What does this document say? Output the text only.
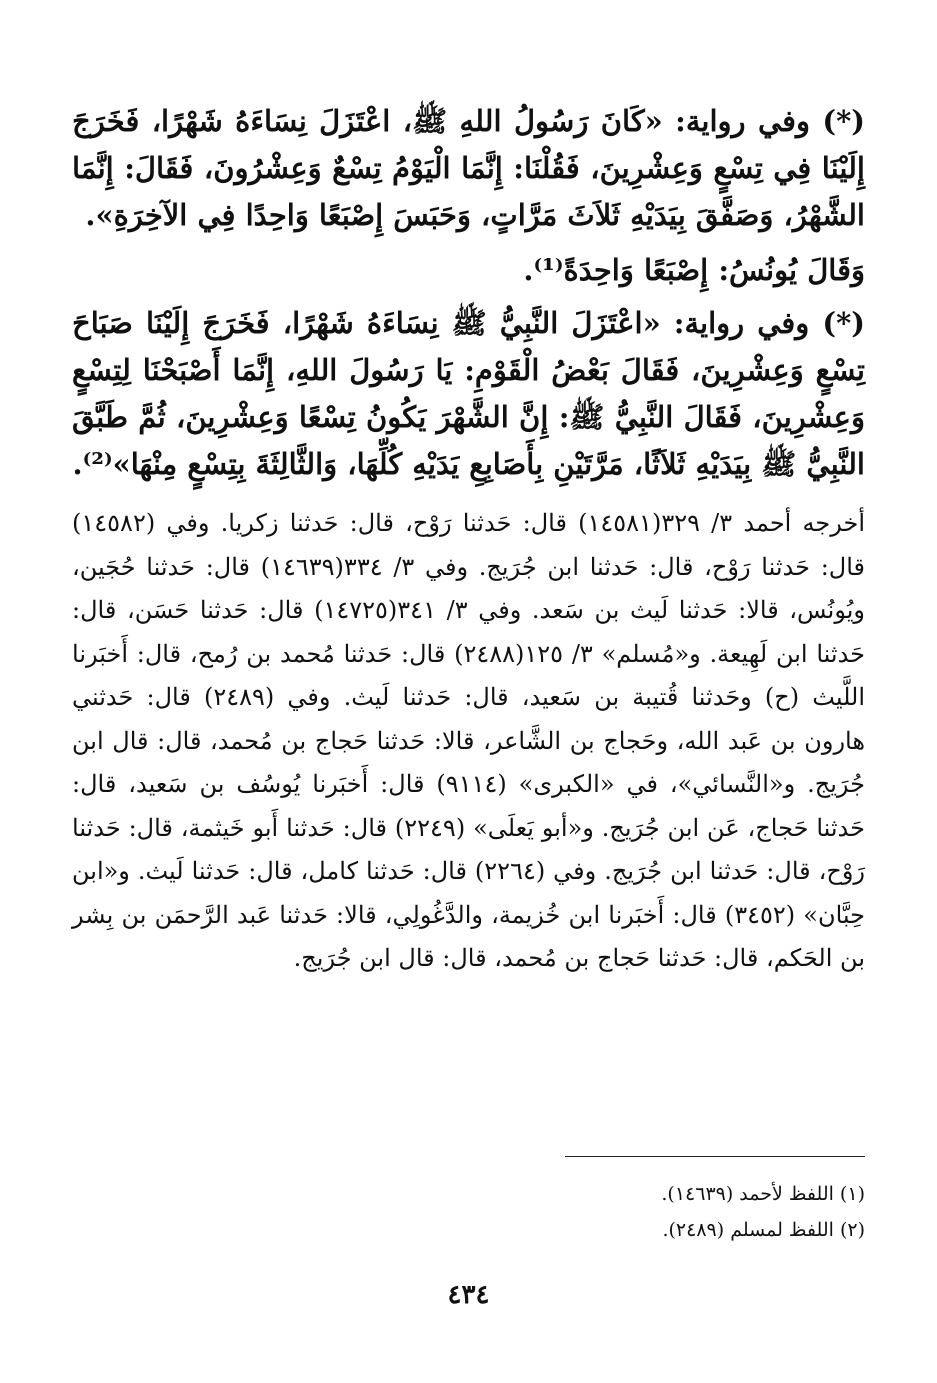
(*) وفي رواية: «كَانَ رَسُولُ اللهِ ﷺ، اعْتَزَلَ نِسَاءَهُ شَهْرًا، فَخَرَجَ إِلَيْنَا فِي تِسْعٍ وَعِشْرِينَ، فَقُلْنَا: إِنَّمَا الْيَوْمُ تِسْعٌ وَعِشْرُونَ، فَقَالَ: إِنَّمَا الشَّهْرُ، وَصَفَّقَ بِيَدَيْهِ ثَلاَثَ مَرَّاتٍ، وَحَبَسَ إِصْبَعًا وَاحِدًا فِي الآخِرَةِ».

وَقَالَ يُونُسُ: إِصْبَعًا وَاحِدَةً⁽¹⁾.

(*) وفي رواية: «اعْتَزَلَ النَّبِيُّ ﷺ نِسَاءَهُ شَهْرًا، فَخَرَجَ إِلَيْنَا صَبَاحَ تِسْعٍ وَعِشْرِينَ، فَقَالَ بَعْضُ الْقَوْمِ: يَا رَسُولَ اللهِ، إِنَّمَا أَصْبَحْنَا لِتِسْعٍ وَعِشْرِينَ، فَقَالَ النَّبِيُّ ﷺ: إِنَّ الشَّهْرَ يَكُونُ تِسْعًا وَعِشْرِينَ، ثُمَّ طَبَّقَ النَّبِيُّ ﷺ بِيَدَيْهِ ثَلاَثًا، مَرَّتَيْنِ بِأَصَابِعِ يَدَيْهِ كُلِّهَا، وَالثَّالِثَةَ بِتِسْعٍ مِنْهَا»⁽²⁾.

أخرجه أحمد ٣/ ٣٢٩(١٤٥٨١) قال: حَدثنا رَوْح، قال: حَدثنا زكريا. وفي (١٤٥٨٢) قال: حَدثنا رَوْح، قال: حَدثنا ابن جُرَيج. وفي ٣/ ٣٣٤(١٤٦٣٩) قال: حَدثنا حُجَين، ويُونُس، قالا: حَدثنا لَيث بن سَعد. وفي ٣/ ٣٤١(١٤٧٢٥) قال: حَدثنا حَسَن، قال: حَدثنا ابن لَهِيعة. و«مُسلم» ٣/ ١٢٥(٢٤٨٨) قال: حَدثنا مُحمد بن رُمح، قال: أَخبَرنا اللَّيث (ح) وحَدثنا قُتيبة بن سَعيد، قال: حَدثنا لَيث. وفي (٢٤٨٩) قال: حَدثني هارون بن عَبد الله، وحَجاج بن الشَّاعر، قالا: حَدثنا حَجاج بن مُحمد، قال: قال ابن جُرَيج. و«النَّسائي»، في «الكبرى» (٩١١٤) قال: أَخبَرنا يُوسُف بن سَعيد، قال: حَدثنا حَجاج، عَن ابن جُرَيج. و«أبو يَعلَى» (٢٢٤٩) قال: حَدثنا أَبو خَيثمة، قال: حَدثنا رَوْح، قال: حَدثنا ابن جُرَيج. وفي (٢٢٦٤) قال: حَدثنا كامل، قال: حَدثنا لَيث. و«ابن حِبَّان» (٣٤٥٢) قال: أَخبَرنا ابن خُزيمة، والدَّغُولِي، قالا: حَدثنا عَبد الرَّحمَن بن بِشر بن الحَكم، قال: حَدثنا حَجاج بن مُحمد، قال: قال ابن جُرَيج.

(١) اللفظ لأحمد (١٤٦٣٩).

(٢) اللفظ لمسلم (٢٤٨٩).

٤٣٤
